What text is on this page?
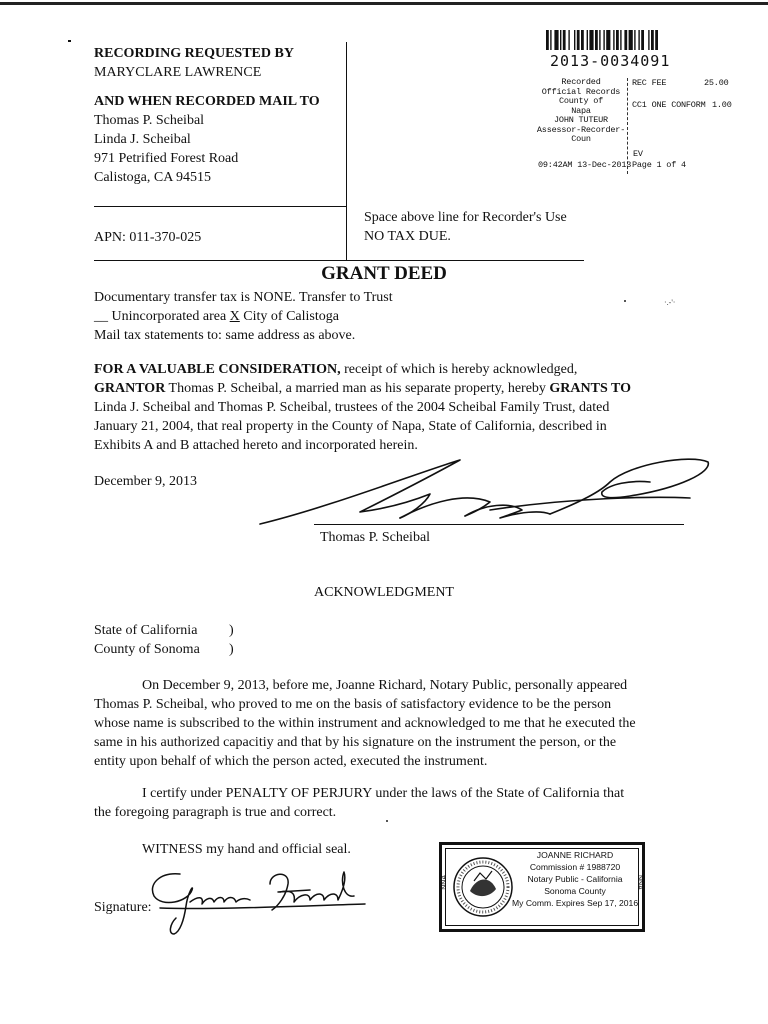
RECORDING REQUESTED BY
MARYCLARE LAWRENCE
AND WHEN RECORDED MAIL TO
Thomas P. Scheibal
Linda J. Scheibal
971 Petrified Forest Road
Calistoga, CA 94515
APN: 011-370-025
Space above line for Recorder's Use
NO TAX DUE.
2013-0034091
Recorded
Official Records
County of
Napa
JOHN TUTEUR
Assessor-Recorder-Coun
REC FEE	25.00
CC1 ONE CONFORM 1.00
EV
09:42AM 13-Dec-2013 Page 1 of 4
GRANT DEED
Documentary transfer tax is NONE. Transfer to Trust
__ Unincorporated area X City of Calistoga
Mail tax statements to: same address as above.
·.-'·
FOR A VALUABLE CONSIDERATION, receipt of which is hereby acknowledged,
GRANTOR Thomas P. Scheibal, a married man as his separate property, hereby GRANTS TO
Linda J. Scheibal and Thomas P. Scheibal, trustees of the 2004 Scheibal Family Trust, dated
January 21, 2004, that real property in the County of Napa, State of California, described in
Exhibits A and B attached hereto and incorporated herein.
December 9, 2013
Thomas P. Scheibal
ACKNOWLEDGMENT
State of California
County of Sonoma
)
)
On December 9, 2013, before me, Joanne Richard, Notary Public, personally appeared
Thomas P. Scheibal, who proved to me on the basis of satisfactory evidence to be the person
whose name is subscribed to the within instrument and acknowledged to me that he executed the
same in his authorized capacitiy and that by his signature on the instrument the person, or the
entity upon behalf of which the person acted, executed the instrument.
I certify under PENALTY OF PERJURY under the laws of the State of California that
the foregoing paragraph is true and correct.
WITNESS my hand and official seal.
Signature:
JOANNE RICHARD
Commission # 1988720
Notary Public - California
Sonoma County
My Comm. Expires Sep 17, 2016
NNA	NNA
